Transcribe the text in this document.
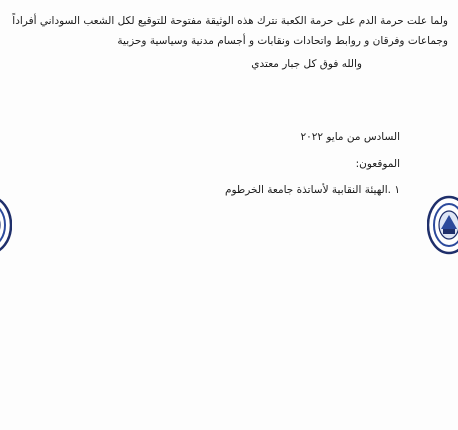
ولما علت حرمة الدم على حرمة الكعبة نترك هذه الوثيقة مفتوحة للتوقيع لكل الشعب السوداني أفراداً
وجماعات وفرقان و روابط واتحادات ونقابات و أجسام مدنية وسياسية وحزبية
والله فوق كل جبار معتدي
السادس من مايو ٢٠٢٢
الموقعون:
١ .الهيئة النقابية لأساتذة جامعة الخرطوم
